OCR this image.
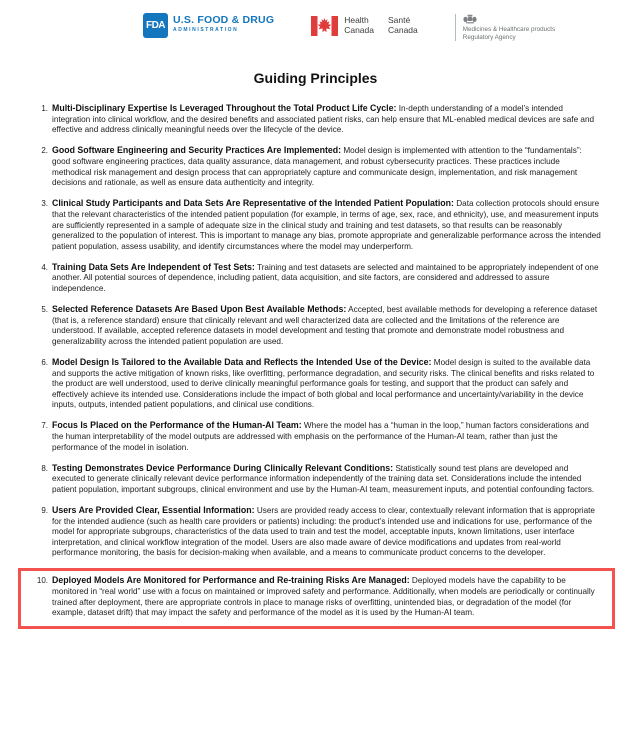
FDA U.S. FOOD & DRUG
ADMINISTRATION
Health
Canada
Santé
Canada	Medicines & Healthcare products
Regulatory Agency
Guiding Principles
1. Multi-Disciplinary Expertise Is Leveraged Throughout the Total Product Life Cycle: In-depth understanding of a model’s intended integration into clinical workflow, and the desired benefits and associated patient risks, can help ensure that ML-enabled medical devices are safe and effective and address clinically meaningful needs over the lifecycle of the device.
2. Good Software Engineering and Security Practices Are Implemented: Model design is implemented with attention to the “fundamentals”: good software engineering practices, data quality assurance, data management, and robust cybersecurity practices. These practices include methodical risk management and design process that can appropriately capture and communicate design, implementation, and risk management decisions and rationale, as well as ensure data authenticity and integrity.
3. Clinical Study Participants and Data Sets Are Representative of the Intended Patient Population: Data collection protocols should ensure that the relevant characteristics of the intended patient population (for example, in terms of age, sex, race, and ethnicity), use, and measurement inputs are sufficiently represented in a sample of adequate size in the clinical study and training and test datasets, so that results can be reasonably generalized to the population of interest. This is important to manage any bias, promote appropriate and generalizable performance across the intended patient population, assess usability, and identify circumstances where the model may underperform.
4. Training Data Sets Are Independent of Test Sets: Training and test datasets are selected and maintained to be appropriately independent of one another. All potential sources of dependence, including patient, data acquisition, and site factors, are considered and addressed to assure independence.
5. Selected Reference Datasets Are Based Upon Best Available Methods: Accepted, best available methods for developing a reference dataset (that is, a reference standard) ensure that clinically relevant and well characterized data are collected and the limitations of the reference are understood. If available, accepted reference datasets in model development and testing that promote and demonstrate model robustness and generalizability across the intended patient population are used.
6. Model Design Is Tailored to the Available Data and Reflects the Intended Use of the Device: Model design is suited to the available data and supports the active mitigation of known risks, like overfitting, performance degradation, and security risks. The clinical benefits and risks related to the product are well understood, used to derive clinically meaningful performance goals for testing, and support that the product can safely and effectively achieve its intended use. Considerations include the impact of both global and local performance and uncertainty/variability in the device inputs, outputs, intended patient populations, and clinical use conditions.
7. Focus Is Placed on the Performance of the Human-AI Team: Where the model has a “human in the loop,” human factors considerations and the human interpretability of the model outputs are addressed with emphasis on the performance of the Human-AI team, rather than just the performance of the model in isolation.
8. Testing Demonstrates Device Performance During Clinically Relevant Conditions: Statistically sound test plans are developed and executed to generate clinically relevant device performance information independently of the training data set. Considerations include the intended patient population, important subgroups, clinical environment and use by the Human-AI team, measurement inputs, and potential confounding factors.
9. Users Are Provided Clear, Essential Information: Users are provided ready access to clear, contextually relevant information that is appropriate for the intended audience (such as health care providers or patients) including: the product’s intended use and indications for use, performance of the model for appropriate subgroups, characteristics of the data used to train and test the model, acceptable inputs, known limitations, user interface interpretation, and clinical workflow integration of the model. Users are also made aware of device modifications and updates from real-world performance monitoring, the basis for decision-making when available, and a means to communicate product concerns to the developer.
10. Deployed Models Are Monitored for Performance and Re-training Risks Are Managed: Deployed models have the capability to be monitored in “real world” use with a focus on maintained or improved safety and performance. Additionally, when models are periodically or continually trained after deployment, there are appropriate controls in place to manage risks of overfitting, unintended bias, or degradation of the model (for example, dataset drift) that may impact the safety and performance of the model as it is used by the Human-AI team.
